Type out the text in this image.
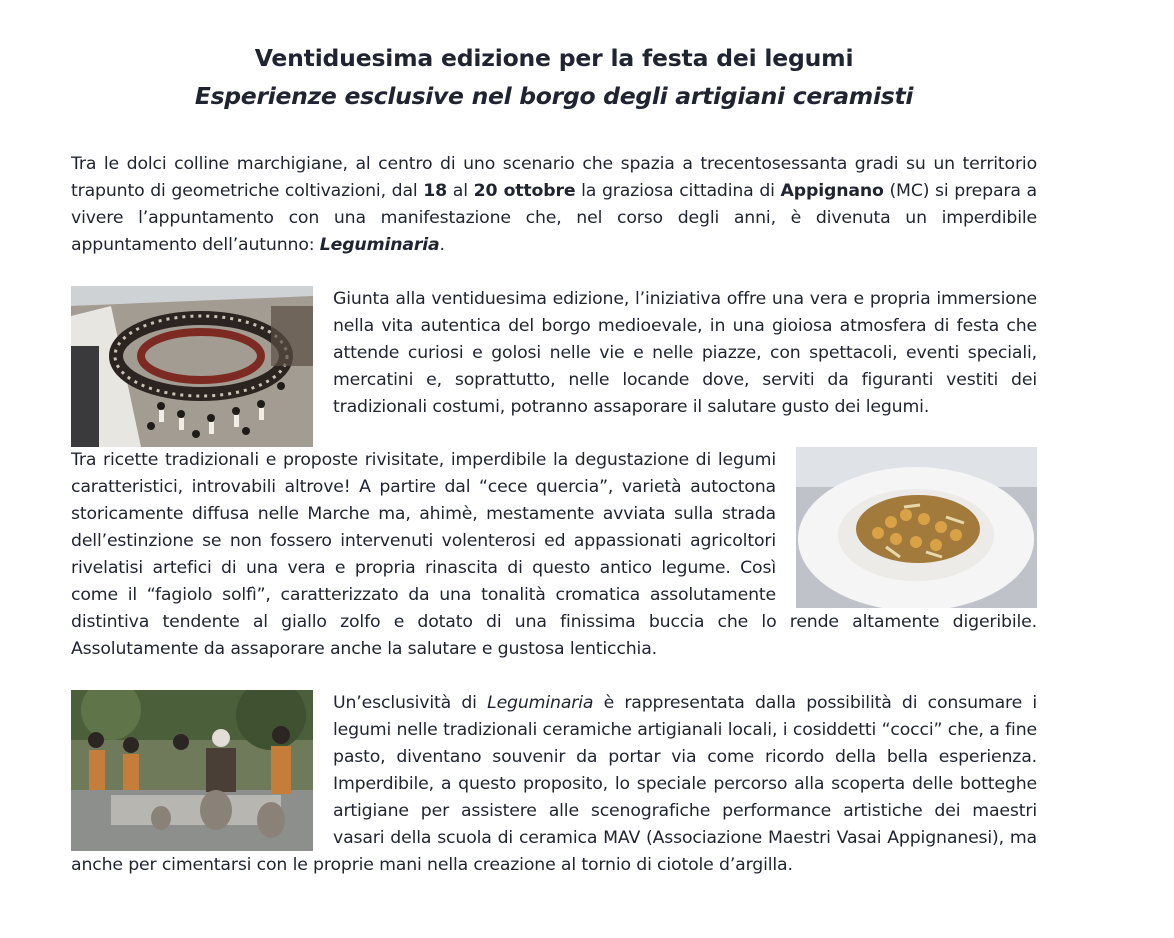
Ventiduesima edizione per la festa dei legumi
Esperienze esclusive nel borgo degli artigiani ceramisti

Tra le dolci colline marchigiane, al centro di uno scenario che spazia a trecentosessanta gradi su un territorio trapunto di geometriche coltivazioni, dal 18 al 20 ottobre la graziosa cittadina di Appignano (MC) si prepara a vivere l’appuntamento con una manifestazione che, nel corso degli anni, è divenuta un imperdibile appuntamento dell’autunno: Leguminaria.

Giunta alla ventiduesima edizione, l’iniziativa offre una vera e propria immersione nella vita autentica del borgo medioevale, in una gioiosa atmosfera di festa che attende curiosi e golosi nelle vie e nelle piazze, con spettacoli, eventi speciali, mercatini e, soprattutto, nelle locande dove, serviti da figuranti vestiti dei tradizionali costumi, potranno assaporare il salutare gusto dei legumi.

Tra ricette tradizionali e proposte rivisitate, imperdibile la degustazione di legumi caratteristici, introvabili altrove! A partire dal “cece quercia”, varietà autoctona storicamente diffusa nelle Marche ma, ahimè, mestamente avviata sulla strada dell’estinzione se non fossero intervenuti volenterosi ed appassionati agricoltori rivelatisi artefici di una vera e propria rinascita di questo antico legume. Così come il “fagiolo solfì”, caratterizzato da una tonalità cromatica assolutamente distintiva tendente al giallo zolfo e dotato di una finissima buccia che lo rende altamente digeribile. Assolutamente da assaporare anche la salutare e gustosa lenticchia.

Un’esclusività di Leguminaria è rappresentata dalla possibilità di consumare i legumi nelle tradizionali ceramiche artigianali locali, i cosiddetti “cocci” che, a fine pasto, diventano souvenir da portar via come ricordo della bella esperienza. Imperdibile, a questo proposito, lo speciale percorso alla scoperta delle botteghe artigiane per assistere alle scenografiche performance artistiche dei maestri vasari della scuola di ceramica MAV (Associazione Maestri Vasai Appignanesi), ma anche per cimentarsi con le proprie mani nella creazione al tornio di ciotole d’argilla.
